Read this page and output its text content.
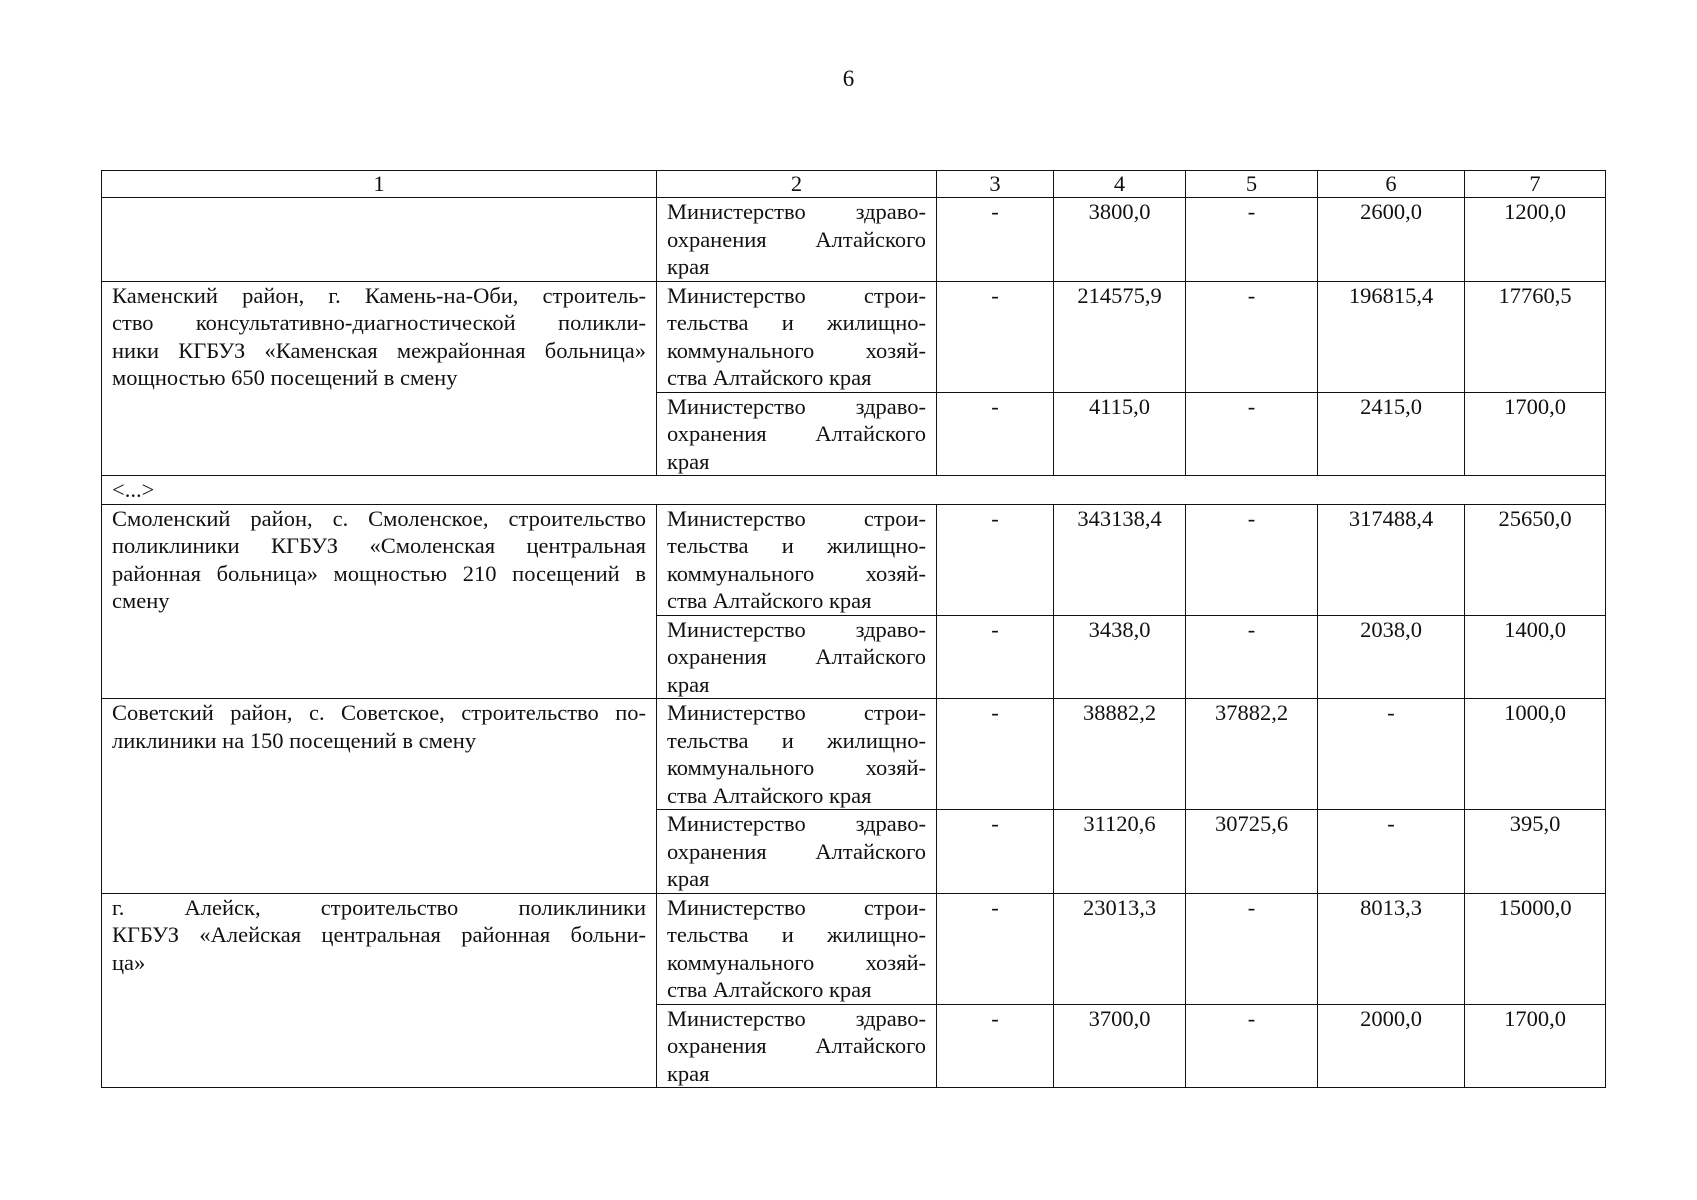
6
1	2	3	4	5	6	7

	Министерство здраво-
охранения Алтайского
края	-	3800,0	-	2600,0	1200,0

Каменский район, г. Камень-на-Оби, строитель-
ство консультативно-диагностической поликли-
ники КГБУЗ «Каменская межрайонная больница»
мощностью 650 посещений в смену	Министерство строи-
тельства и жилищно-
коммунального хозяй-
ства Алтайского края	-	214575,9	-	196815,4	17760,5

	Министерство здраво-
охранения Алтайского
края	-	4115,0	-	2415,0	1700,0
<...>						

Смоленский район, с. Смоленское, строительство
поликлиники КГБУЗ «Смоленская центральная
районная больница» мощностью 210 посещений в
смену	Министерство строи-
тельства и жилищно-
коммунального хозяй-
ства Алтайского края	-	343138,4	-	317488,4	25650,0

	Министерство здраво-
охранения Алтайского
края	-	3438,0	-	2038,0	1400,0

Советский район, с. Советское, строительство по-
ликлиники на 150 посещений в смену	Министерство строи-
тельства и жилищно-
коммунального хозяй-
ства Алтайского края	-	38882,2	37882,2	-	1000,0

	Министерство здраво-
охранения Алтайского
края	-	31120,6	30725,6	-	395,0

г. Алейск, строительство поликлиники
КГБУЗ «Алейская центральная районная больни-
ца»	Министерство строи-
тельства и жилищно-
коммунального хозяй-
ства Алтайского края	-	23013,3	-	8013,3	15000,0

	Министерство здраво-
охранения Алтайского
края	-	3700,0	-	2000,0	1700,0
